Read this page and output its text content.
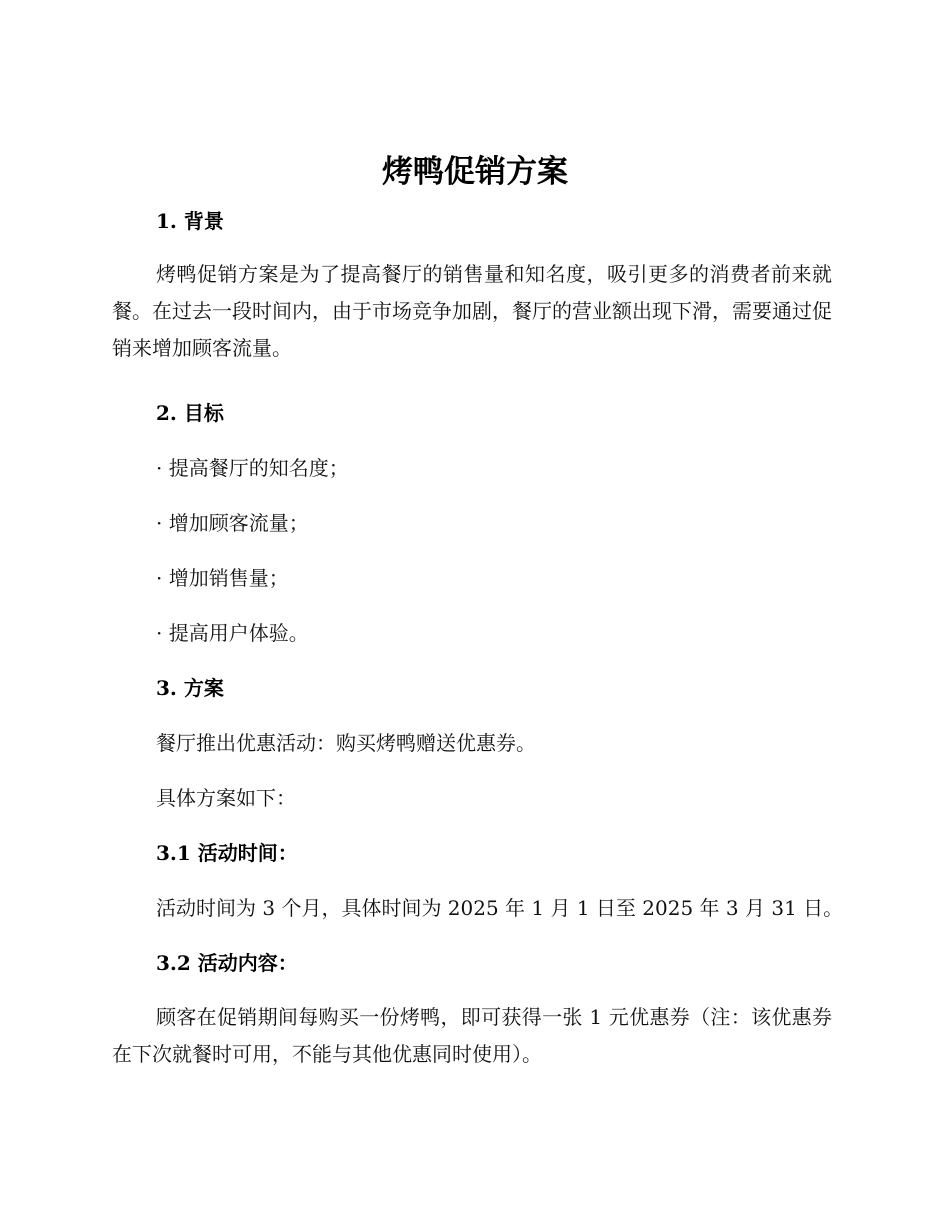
烤鸭促销方案
1. 背景

烤鸭促销方案是为了提高餐厅的销售量和知名度，吸引更多的消费者前来就餐。在过去一段时间内，由于市场竞争加剧，餐厅的营业额出现下滑，需要通过促销来增加顾客流量。

2. 目标

· 提高餐厅的知名度；

· 增加顾客流量；

· 增加销售量；

· 提高用户体验。

3. 方案

餐厅推出优惠活动：购买烤鸭赠送优惠券。

具体方案如下：

3.1 活动时间：

活动时间为 3 个月，具体时间为 2025 年 1 月 1 日至 2025 年 3 月 31 日。

3.2 活动内容：

顾客在促销期间每购买一份烤鸭，即可获得一张 1 元优惠券（注：该优惠券在下次就餐时可用，不能与其他优惠同时使用）。
